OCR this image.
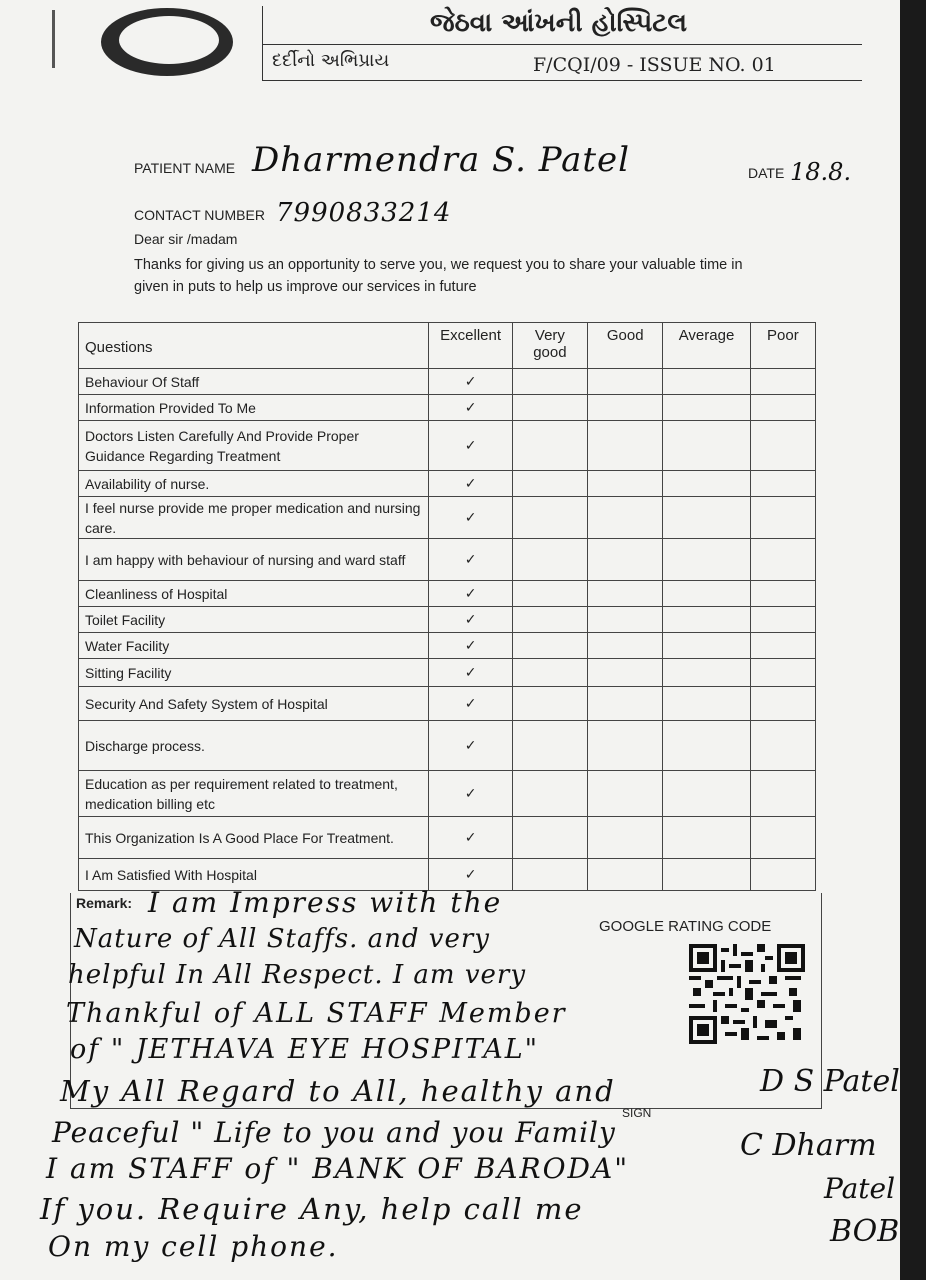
જેઠવા આંખની હોસ્પિટલ
દર્દીનો અભિપ્રાય	F/CQI/09 - ISSUE NO. 01
PATIENT NAME Dharmendra S. Patel	DATE 18.8.
CONTACT NUMBER 7990833214
Dear sir /madam
Thanks for giving us an opportunity to serve you, we request you to share your valuable time in
given in puts to help us improve our services in future
Questions	Excellent	Very good	Good	Average	Poor
Behaviour Of Staff	✓				
Information Provided To Me	✓				
Doctors Listen Carefully And Provide Proper Guidance Regarding Treatment	✓				
Availability of nurse.	✓				
I feel nurse provide me proper medication and nursing care.	✓				
I am happy with behaviour of nursing and ward staff	✓				
Cleanliness of Hospital	✓				
Toilet Facility	✓				
Water Facility	✓				
Sitting Facility	✓				
Security And Safety System of Hospital	✓				
Discharge process.	✓				
Education as per requirement related to treatment, medication billing etc	✓				
This Organization Is A Good Place For Treatment.	✓				
I Am Satisfied With Hospital	✓				
Remark:
GOOGLE RATING CODE
SIGN
I am Impress with the
Nature of All Staffs. and very
helpful In All Respect. I am very
Thankful of ALL STAFF Member
of " JETHAVA EYE HOSPITAL"
My All Regard to All, healthy and
Peaceful " Life to you and you Family
I am STAFF of " BANK OF BARODA"
If you. Require Any, help call me
On my cell phone.
D S Patel
C Dharm
Patel
BOB
